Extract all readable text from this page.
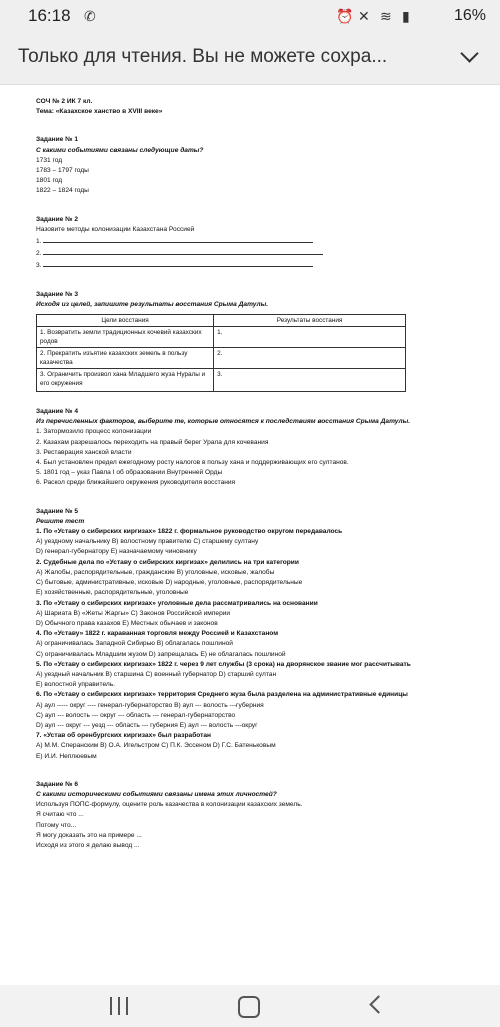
16:18 ✆	⏰ ✕ ≋ ▮	16%
Только для чтения. Вы не можете сохра...
СОЧ № 2 ИК 7 кл.
Тема: «Казахское ханство в XVIII веке»
Задание № 1
С какими событиями связаны следующие даты?
1731 год
1783 – 1797 годы
1801 год
1822 – 1824 годы
Задание № 2
Назовите методы колонизации Казахстана Россией
1.
2.
3.
Задание № 3
Исходя из целей, запишите результаты восстания Срыма Датулы.
Цели восстания	Результаты восстания
1. Возвратить земли традиционных кочевий казахских родов	1.
2. Прекратить изъятие казахских земель в пользу казачества	2.
3. Ограничить произвол хана Младшего жуза Нуралы и его окружения	3.
Задание № 4
Из перечисленных факторов, выберите те, которые относятся к последствиям восстания Срыма Датулы.
1. Затормозило процесс колонизации
2. Казахам разрешалось переходить на правый берег Урала для кочевания
3. Реставрация ханской власти
4. Был установлен предел ежегодному росту налогов в пользу хана и поддерживающих его султанов.
5. 1801 год – указ Павла I об образовании Внутренней Орды
6. Раскол среди ближайшего окружения руководителя восстания
Задание № 5
Решите тест
1. По «Уставу о сибирских киргизах» 1822 г. формальное руководство округом передавалось
А) уездному начальнику В) волостному правителю С) старшему султану
D) генерал-губернатору E) назначаемому чиновнику
2. Судебные дела по «Уставу о сибирских киргизах» делились на три категории
А) Жалобы, распорядительные, гражданские В) уголовные, исковые, жалобы
С) бытовые, административные, исковые D) народные, уголовные, распорядительные
E) хозяйственные, распорядительные, уголовные
3. По «Уставу о сибирских киргизах» уголовные дела рассматривались на основании
А) Шариата В) «Жеты Жаргы» С) Законов Российской империи
D) Обычного права казахов E) Местных обычаев и законов
4. По «Уставу» 1822 г. караванная торговля между Россией и Казахстаном
А) ограничивалась Западной Сибирью В) облагалась пошлиной
С) ограничивалась Младшим жузом D) запрещалась E) не облагалась пошлиной
5. По «Уставу о сибирских киргизах» 1822 г. через 9 лет службы (3 срока) на дворянское звание мог рассчитывать
А) уездный начальник В) старшина С) военный губернатор D) старший султан
E) волостной управитель.
6. По «Уставу о сибирских киргизах» территория Среднего жуза была разделена на административные единицы
А) аул ----- округ ---- генерал-губернаторство В) аул --- волость ---губерния
С) аул --- волость --- округ --- область --- генерал-губернаторство
D) аул --- округ --- уезд --- область --- губерния E) аул --- волость ---округ
7. «Устав об оренбургских киргизах» был разработан
А) М.М. Сперанским В) О.А. Игельстром С) П.К. Эссеном D) Г.С. Батеньковым
E) И.И. Неплюевым
Задание № 6
С какими историческими событиями связаны имена этих личностей?
Используя ПОПС-формулу, оцените роль казачества в колонизации казахских земель.
Я считаю что ...
Потому что...
Я могу доказать это на примере ...
Исходя из этого я делаю вывод ...
